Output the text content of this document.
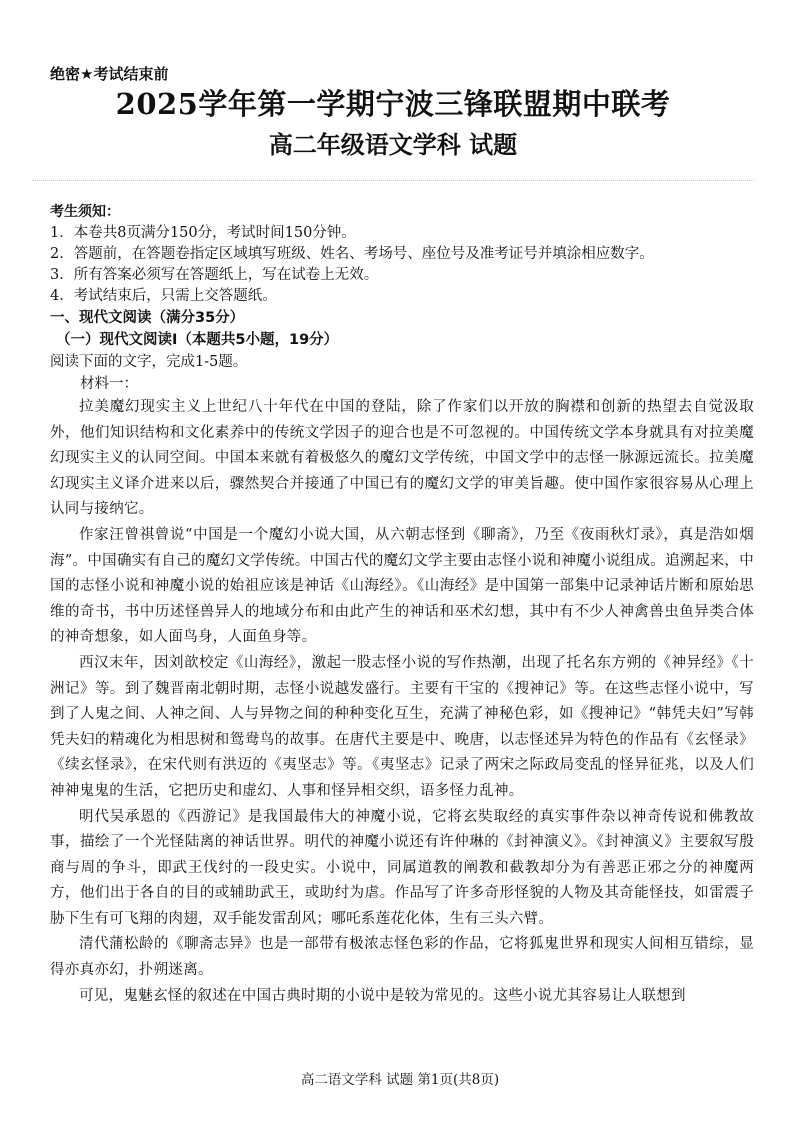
绝密★考试结束前
2025学年第一学期宁波三锋联盟期中联考
高二年级语文学科 试题
考生须知：
1．本卷共8页满分150分，考试时间150分钟。
2．答题前，在答题卷指定区域填写班级、姓名、考场号、座位号及准考证号并填涂相应数字。
3．所有答案必须写在答题纸上，写在试卷上无效。
4．考试结束后，只需上交答题纸。
一、现代文阅读（满分35分）
（一）现代文阅读Ⅰ（本题共5小题，19分）
阅读下面的文字，完成1-5题。
材料一：

拉美魔幻现实主义上世纪八十年代在中国的登陆，除了作家们以开放的胸襟和创新的热望去自觉汲取外，他们知识结构和文化素养中的传统文学因子的迎合也是不可忽视的。中国传统文学本身就具有对拉美魔幻现实主义的认同空间。中国本来就有着极悠久的魔幻文学传统，中国文学中的志怪一脉源远流长。拉美魔幻现实主义译介进来以后，骤然契合并接通了中国已有的魔幻文学的审美旨趣。使中国作家很容易从心理上认同与接纳它。

作家汪曾祺曾说“中国是一个魔幻小说大国，从六朝志怪到《聊斋》，乃至《夜雨秋灯录》，真是浩如烟海”。中国确实有自己的魔幻文学传统。中国古代的魔幻文学主要由志怪小说和神魔小说组成。追溯起来，中国的志怪小说和神魔小说的始祖应该是神话《山海经》。《山海经》是中国第一部集中记录神话片断和原始思维的奇书，书中历述怪兽异人的地域分布和由此产生的神话和巫术幻想，其中有不少人神禽兽虫鱼异类合体的神奇想象，如人面鸟身，人面鱼身等。

西汉末年，因刘歆校定《山海经》，激起一股志怪小说的写作热潮，出现了托名东方朔的《神异经》《十洲记》等。到了魏晋南北朝时期，志怪小说越发盛行。主要有干宝的《搜神记》等。在这些志怪小说中，写到了人鬼之间、人神之间、人与异物之间的种种变化互生，充满了神秘色彩，如《搜神记》“韩凭夫妇”写韩凭夫妇的精魂化为相思树和鸳鸯鸟的故事。在唐代主要是中、晚唐，以志怪述异为特色的作品有《玄怪录》《续玄怪录》，在宋代则有洪迈的《夷坚志》等。《夷坚志》记录了两宋之际政局变乱的怪异征兆，以及人们神神鬼鬼的生活，它把历史和虚幻、人事和怪异相交织，语多怪力乱神。

明代吴承恩的《西游记》是我国最伟大的神魔小说，它将玄奘取经的真实事件杂以神奇传说和佛教故事，描绘了一个光怪陆离的神话世界。明代的神魔小说还有许仲琳的《封神演义》。《封神演义》主要叙写殷商与周的争斗，即武王伐纣的一段史实。小说中，同属道教的阐教和截教却分为有善恶正邪之分的神魔两方，他们出于各自的目的或辅助武王，或助纣为虐。作品写了许多奇形怪貌的人物及其奇能怪技，如雷震子胁下生有可飞翔的肉翅，双手能发雷刮风；哪吒系莲花化体，生有三头六臂。

清代蒲松龄的《聊斋志异》也是一部带有极浓志怪色彩的作品，它将狐鬼世界和现实人间相互错综，显得亦真亦幻，扑朔迷离。

可见，鬼魅玄怪的叙述在中国古典时期的小说中是较为常见的。这些小说尤其容易让人联想到

高二语文学科 试题 第1页(共8页)
